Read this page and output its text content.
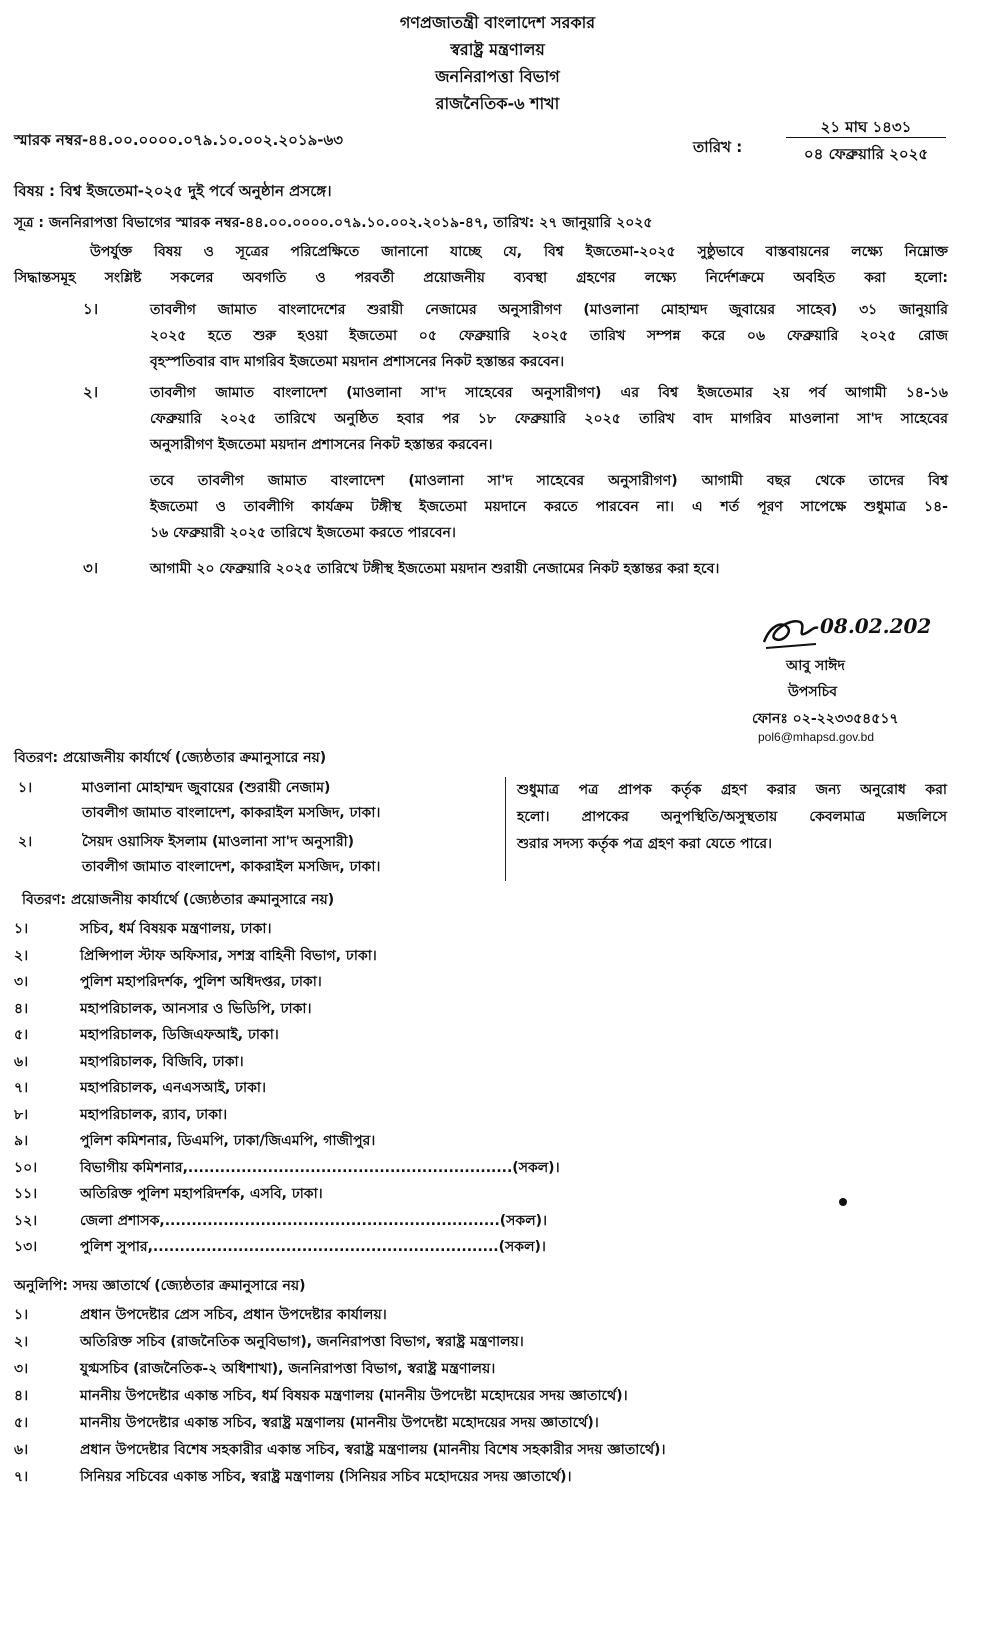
গণপ্রজাতন্ত্রী বাংলাদেশ সরকার
স্বরাষ্ট্র মন্ত্রণালয়
জননিরাপত্তা বিভাগ
রাজনৈতিক-৬ শাখা
স্মারক নম্বর-৪৪.০০.০০০০.০৭৯.১০.০০২.২০১৯-৬৩	তারিখ :
২১ মাঘ ১৪৩১
০৪ ফেব্রুয়ারি ২০২৫
বিষয় : বিশ্ব ইজতেমা-২০২৫ দুই পর্বে অনুষ্ঠান প্রসঙ্গে।
সূত্র : জননিরাপত্তা বিভাগের স্মারক নম্বর-৪৪.০০.০০০০.০৭৯.১০.০০২.২০১৯-৪৭, তারিখ: ২৭ জানুয়ারি ২০২৫
উপর্যুক্ত বিষয় ও সূত্রের পরিপ্রেক্ষিতে জানানো যাচ্ছে যে, বিশ্ব ইজতেমা-২০২৫ সুষ্ঠুভাবে বাস্তবায়নের লক্ষ্যে নিম্নোক্ত
সিদ্ধান্তসমূহ সংশ্লিষ্ট সকলের অবগতি ও পরবর্তী প্রয়োজনীয় ব্যবস্থা গ্রহণের লক্ষ্যে নির্দেশক্রমে অবহিত করা হলো:
১।	তাবলীগ জামাত বাংলাদেশের শুরায়ী নেজামের অনুসারীগণ (মাওলানা মোহাম্মদ জুবায়ের সাহেব) ৩১ জানুয়ারি
২০২৫ হতে শুরু হওয়া ইজতেমা ০৫ ফেব্রুয়ারি ২০২৫ তারিখ সম্পন্ন করে ০৬ ফেব্রুয়ারি ২০২৫ রোজ
বৃহস্পতিবার বাদ মাগরিব ইজতেমা ময়দান প্রশাসনের নিকট হস্তান্তর করবেন।
২।	তাবলীগ জামাত বাংলাদেশ (মাওলানা সা'দ সাহেবের অনুসারীগণ) এর বিশ্ব ইজতেমার ২য় পর্ব আগামী ১৪-১৬
ফেব্রুয়ারি ২০২৫ তারিখে অনুষ্ঠিত হবার পর ১৮ ফেব্রুয়ারি ২০২৫ তারিখ বাদ মাগরিব মাওলানা সা'দ সাহেবের
অনুসারীগণ ইজতেমা ময়দান প্রশাসনের নিকট হস্তান্তর করবেন।
তবে তাবলীগ জামাত বাংলাদেশ (মাওলানা সা'দ সাহেবের অনুসারীগণ) আগামী বছর থেকে তাদের বিশ্ব
ইজতেমা ও তাবলীগি কার্যক্রম টঙ্গীস্থ ইজতেমা ময়দানে করতে পারবেন না। এ শর্ত পূরণ সাপেক্ষে শুধুমাত্র ১৪-
১৬ ফেব্রুয়ারী ২০২৫ তারিখে ইজতেমা করতে পারবেন।
৩।	আগামী ২০ ফেব্রুয়ারি ২০২৫ তারিখে টঙ্গীস্থ ইজতেমা ময়দান শুরায়ী নেজামের নিকট হস্তান্তর করা হবে।
08.02.202
আবু সাঈদ
উপসচিব
ফোনঃ ০২-২২৩৩৫৪৫১৭
pol6@mhapsd.gov.bd
বিতরণ: প্রয়োজনীয় কার্যার্থে (জ্যেষ্ঠতার ক্রমানুসারে নয়)
১।	মাওলানা মোহাম্মদ জুবায়ের (শুরায়ী নেজাম)
তাবলীগ জামাত বাংলাদেশ, কাকরাইল মসজিদ, ঢাকা।
২।	সৈয়দ ওয়াসিফ ইসলাম (মাওলানা সা'দ অনুসারী)
তাবলীগ জামাত বাংলাদেশ, কাকরাইল মসজিদ, ঢাকা।
শুধুমাত্র পত্র প্রাপক কর্তৃক গ্রহণ করার জন্য অনুরোধ করা
হলো। প্রাপকের অনুপস্থিতি/অসুস্থতায় কেবলমাত্র মজলিসে
শুরার সদস্য কর্তৃক পত্র গ্রহণ করা যেতে পারে।
বিতরণ: প্রয়োজনীয় কার্যার্থে (জ্যেষ্ঠতার ক্রমানুসারে নয়)
১।	সচিব, ধর্ম বিষয়ক মন্ত্রণালয়, ঢাকা।
২।	প্রিন্সিপাল স্টাফ অফিসার, সশস্ত্র বাহিনী বিভাগ, ঢাকা।
৩।	পুলিশ মহাপরিদর্শক, পুলিশ অধিদপ্তর, ঢাকা।
৪।	মহাপরিচালক, আনসার ও ভিডিপি, ঢাকা।
৫।	মহাপরিচালক, ডিজিএফআই, ঢাকা।
৬।	মহাপরিচালক, বিজিবি, ঢাকা।
৭।	মহাপরিচালক, এনএসআই, ঢাকা।
৮।	মহাপরিচালক, র‍্যাব, ঢাকা।
৯।	পুলিশ কমিশনার, ডিএমপি, ঢাকা/জিএমপি, গাজীপুর।
১০।	বিভাগীয় কমিশনার,.............................................................(সকল)।
১১।	অতিরিক্ত পুলিশ মহাপরিদর্শক, এসবি, ঢাকা।
১২।	জেলা প্রশাসক,...............................................................(সকল)।
১৩।	পুলিশ সুপার,.................................................................(সকল)।
অনুলিপি: সদয় জ্ঞাতার্থে (জ্যেষ্ঠতার ক্রমানুসারে নয়)
১।	প্রধান উপদেষ্টার প্রেস সচিব, প্রধান উপদেষ্টার কার্যালয়।
২।	অতিরিক্ত সচিব (রাজনৈতিক অনুবিভাগ), জননিরাপত্তা বিভাগ, স্বরাষ্ট্র মন্ত্রণালয়।
৩।	যুগ্মসচিব (রাজনৈতিক-২ অধিশাখা), জননিরাপত্তা বিভাগ, স্বরাষ্ট্র মন্ত্রণালয়।
৪।	মাননীয় উপদেষ্টার একান্ত সচিব, ধর্ম বিষয়ক মন্ত্রণালয় (মাননীয় উপদেষ্টা মহোদয়ের সদয় জ্ঞাতার্থে)।
৫।	মাননীয় উপদেষ্টার একান্ত সচিব, স্বরাষ্ট্র মন্ত্রণালয় (মাননীয় উপদেষ্টা মহোদয়ের সদয় জ্ঞাতার্থে)।
৬।	প্রধান উপদেষ্টার বিশেষ সহকারীর একান্ত সচিব, স্বরাষ্ট্র মন্ত্রণালয় (মাননীয় বিশেষ সহকারীর সদয় জ্ঞাতার্থে)।
৭।	সিনিয়র সচিবের একান্ত সচিব, স্বরাষ্ট্র মন্ত্রণালয় (সিনিয়র সচিব মহোদয়ের সদয় জ্ঞাতার্থে)।
